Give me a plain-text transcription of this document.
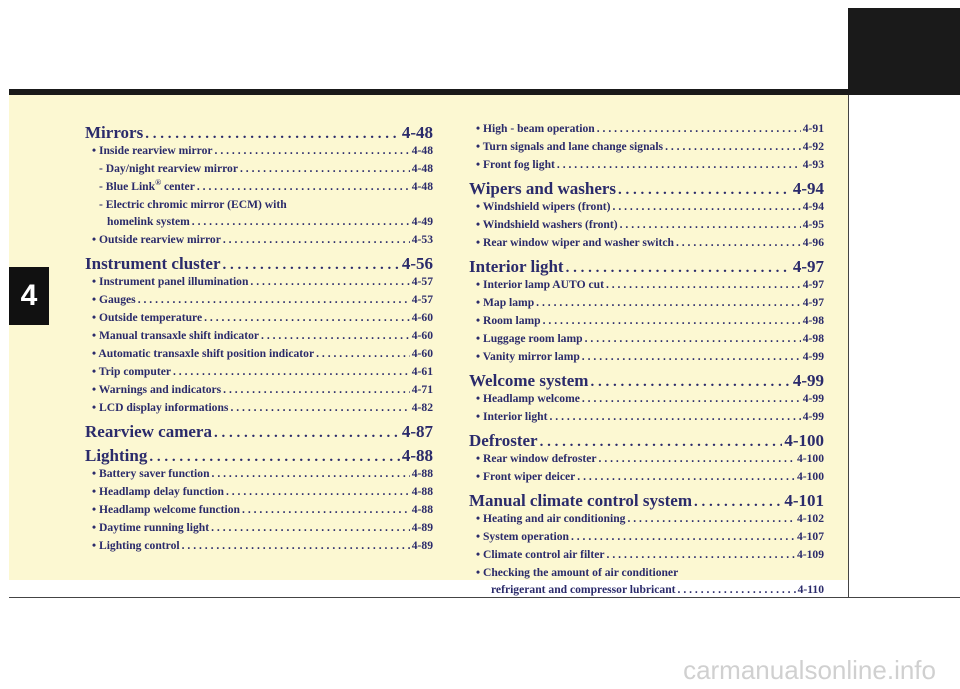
4
Mirrors . . .	4-48
• Inside rearview mirror . . .	4-48
- Day/night rearview mirror . . .	4-48
- Blue Link® center . . .	4-48
- Electric chromic mirror (ECM) with
homelink system . . .	4-49
• Outside rearview mirror . . .	4-53
Instrument cluster . . .	4-56
• Instrument panel illumination . . .	4-57
• Gauges . . .	4-57
• Outside temperature . . .	4-60
• Manual transaxle shift indicator . . .	4-60
• Automatic transaxle shift position indicator . . .	4-60
• Trip computer . . .	4-61
• Warnings and indicators . . .	4-71
• LCD display informations . . .	4-82
Rearview camera . . .	4-87
Lighting . . .	4-88
• Battery saver function . . .	4-88
• Headlamp delay function . . .	4-88
• Headlamp welcome function . . .	4-88
• Daytime running light . . .	4-89
• Lighting control . . .	4-89
• High - beam operation . . .	4-91
• Turn signals and lane change signals . . .	4-92
• Front fog light . . .	4-93
Wipers and washers . . .	4-94
• Windshield wipers (front) . . .	4-94
• Windshield washers (front) . . .	4-95
• Rear window wiper and washer switch . . .	4-96
Interior light . . .	4-97
• Interior lamp AUTO cut . . .	4-97
• Map lamp . . .	4-97
• Room lamp . . .	4-98
• Luggage room lamp . . .	4-98
• Vanity mirror lamp . . .	4-99
Welcome system . . .	4-99
• Headlamp welcome . . .	4-99
• Interior light . . .	4-99
Defroster . . .	4-100
• Rear window defroster . . .	4-100
• Front wiper deicer . . .	4-100
Manual climate control system . . .	4-101
• Heating and air conditioning . . .	4-102
• System operation . . .	4-107
• Climate control air filter . . .	4-109
• Checking the amount of air conditioner
refrigerant and compressor lubricant . . .	4-110
carmanualsonline.info
